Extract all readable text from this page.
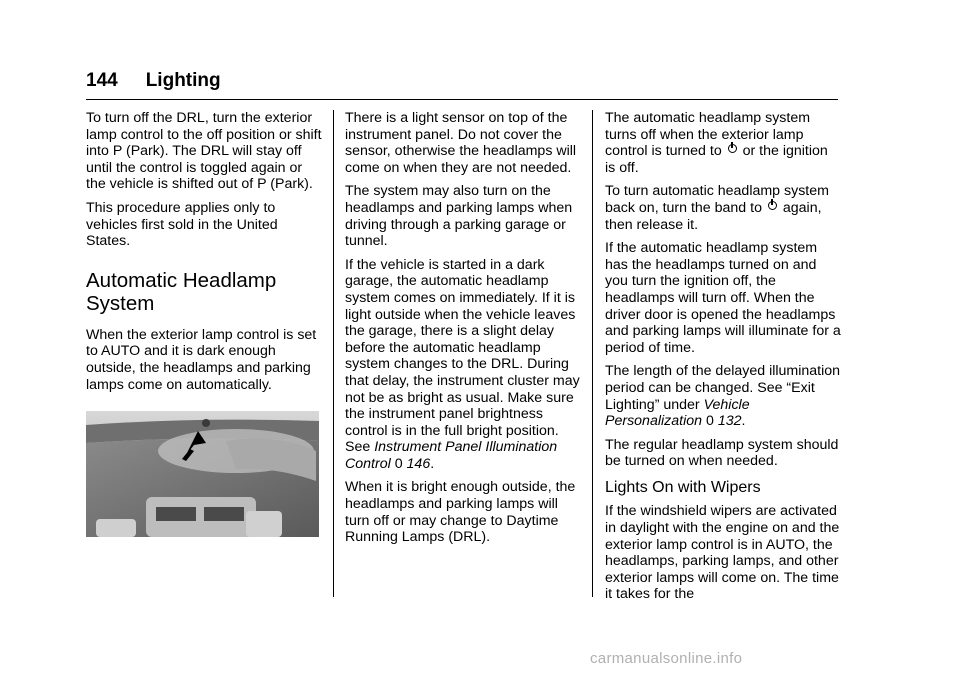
144 Lighting

To turn off the DRL, turn the exterior lamp control to the off position or shift into P (Park). The DRL will stay off until the control is toggled again or the vehicle is shifted out of P (Park).

This procedure applies only to vehicles first sold in the United States.

Automatic Headlamp System

When the exterior lamp control is set to AUTO and it is dark enough outside, the headlamps and parking lamps come on automatically.

There is a light sensor on top of the instrument panel. Do not cover the sensor, otherwise the headlamps will come on when they are not needed.

The system may also turn on the headlamps and parking lamps when driving through a parking garage or tunnel.

If the vehicle is started in a dark garage, the automatic headlamp system comes on immediately. If it is light outside when the vehicle leaves the garage, there is a slight delay before the automatic headlamp system changes to the DRL. During that delay, the instrument cluster may not be as bright as usual. Make sure the instrument panel brightness control is in the full bright position. See Instrument Panel Illumination Control 0 146.

When it is bright enough outside, the headlamps and parking lamps will turn off or may change to Daytime Running Lamps (DRL).

The automatic headlamp system turns off when the exterior lamp control is turned to or the ignition is off.

To turn automatic headlamp system back on, turn the band to again, then release it.

If the automatic headlamp system has the headlamps turned on and you turn the ignition off, the headlamps will turn off. When the driver door is opened the headlamps and parking lamps will illuminate for a period of time.

The length of the delayed illumination period can be changed. See “Exit Lighting” under Vehicle Personalization 0 132.

The regular headlamp system should be turned on when needed.

Lights On with Wipers

If the windshield wipers are activated in daylight with the engine on and the exterior lamp control is in AUTO, the headlamps, parking lamps, and other exterior lamps will come on. The time it takes for the

carmanualsonline.info
